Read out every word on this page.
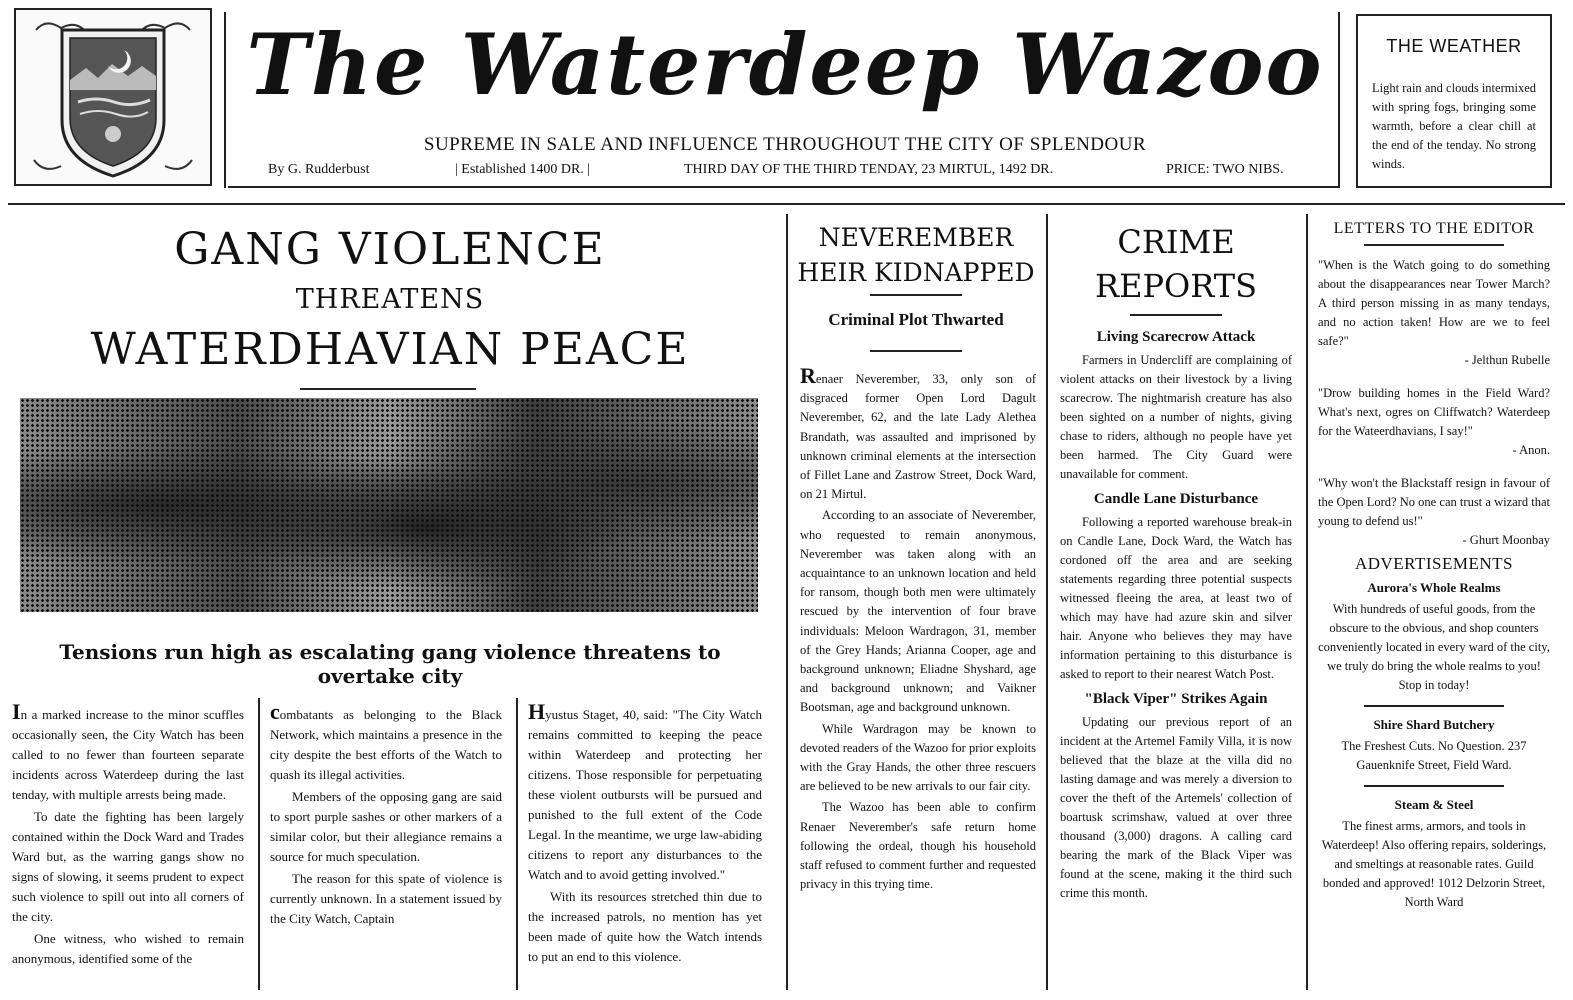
The Waterdeep Wazoo
SUPREME IN SALE AND INFLUENCE THROUGHOUT THE CITY OF SPLENDOUR
By G. Rudderbust	| Established 1400 DR. |	THIRD DAY OF THE THIRD TENDAY, 23 MIRTUL, 1492 DR.	PRICE: TWO NIBS.
THE WEATHER
Light rain and clouds intermixed with spring fogs, bringing some warmth, before a clear chill at the end of the tenday. No strong winds.
GANG VIOLENCE
THREATENS
WATERDHAVIAN PEACE
Tensions run high as escalating gang violence threatens to overtake city

In a marked increase to the minor scuffles occasionally seen, the City Watch has been called to no fewer than fourteen separate incidents across Waterdeep during the last tenday, with multiple arrests being made.

To date the fighting has been largely contained within the Dock Ward and Trades Ward but, as the warring gangs show no signs of slowing, it seems prudent to expect such violence to spill out into all corners of the city.

One witness, who wished to remain anonymous, identified some of the

combatants as belonging to the Black Network, which maintains a presence in the city despite the best efforts of the Watch to quash its illegal activities.

Members of the opposing gang are said to sport purple sashes or other markers of a similar color, but their allegiance remains a source for much speculation.

The reason for this spate of violence is currently unknown. In a statement issued by the City Watch, Captain

Hyustus Staget, 40, said: "The City Watch remains committed to keeping the peace within Waterdeep and protecting her citizens. Those responsible for perpetuating these violent outbursts will be pursued and punished to the full extent of the Code Legal. In the meantime, we urge law-abiding citizens to report any disturbances to the Watch and to avoid getting involved."

With its resources stretched thin due to the increased patrols, no mention has yet been made of quite how the Watch intends to put an end to this violence.

NEVEREMBER
HEIR KIDNAPPED
Criminal Plot Thwarted

Renaer Neverember, 33, only son of disgraced former Open Lord Dagult Neverember, 62, and the late Lady Alethea Brandath, was assaulted and imprisoned by unknown criminal elements at the intersection of Fillet Lane and Zastrow Street, Dock Ward, on 21 Mirtul.

According to an associate of Neverember, who requested to remain anonymous, Neverember was taken along with an acquaintance to an unknown location and held for ransom, though both men were ultimately rescued by the intervention of four brave individuals: Meloon Wardragon, 31, member of the Grey Hands; Arianna Cooper, age and background unknown; Eliadne Shyshard, age and background unknown; and Vaikner Bootsman, age and background unknown.

While Wardragon may be known to devoted readers of the Wazoo for prior exploits with the Gray Hands, the other three rescuers are believed to be new arrivals to our fair city.

The Wazoo has been able to confirm Renaer Neverember's safe return home following the ordeal, though his household staff refused to comment further and requested privacy in this trying time.

CRIME
REPORTS
Living Scarecrow Attack

Farmers in Undercliff are complaining of violent attacks on their livestock by a living scarecrow. The nightmarish creature has also been sighted on a number of nights, giving chase to riders, although no people have yet been harmed. The City Guard were unavailable for comment.

Candle Lane Disturbance

Following a reported warehouse break-in on Candle Lane, Dock Ward, the Watch has cordoned off the area and are seeking statements regarding three potential suspects witnessed fleeing the area, at least two of which may have had azure skin and silver hair. Anyone who believes they may have information pertaining to this disturbance is asked to report to their nearest Watch Post.

"Black Viper" Strikes Again

Updating our previous report of an incident at the Artemel Family Villa, it is now believed that the blaze at the villa did no lasting damage and was merely a diversion to cover the theft of the Artemels' collection of boartusk scrimshaw, valued at over three thousand (3,000) dragons. A calling card bearing the mark of the Black Viper was found at the scene, making it the third such crime this month.

LETTERS TO THE EDITOR
"When is the Watch going to do something about the disappearances near Tower March? A third person missing in as many tendays, and no action taken! How are we to feel safe?"
- Jelthun Rubelle
"Drow building homes in the Field Ward? What's next, ogres on Cliffwatch? Waterdeep for the Wateerdhavians, I say!"
- Anon.
"Why won't the Blackstaff resign in favour of the Open Lord? No one can trust a wizard that young to defend us!"
- Ghurt Moonbay
ADVERTISEMENTS
Aurora's Whole Realms
With hundreds of useful goods, from the obscure to the obvious, and shop counters conveniently located in every ward of the city, we truly do bring the whole realms to you! Stop in today!
Shire Shard Butchery
The Freshest Cuts. No Question. 237 Gauenknife Street, Field Ward.
Steam & Steel
The finest arms, armors, and tools in Waterdeep! Also offering repairs, solderings, and smeltings at reasonable rates. Guild bonded and approved! 1012 Delzorin Street, North Ward
